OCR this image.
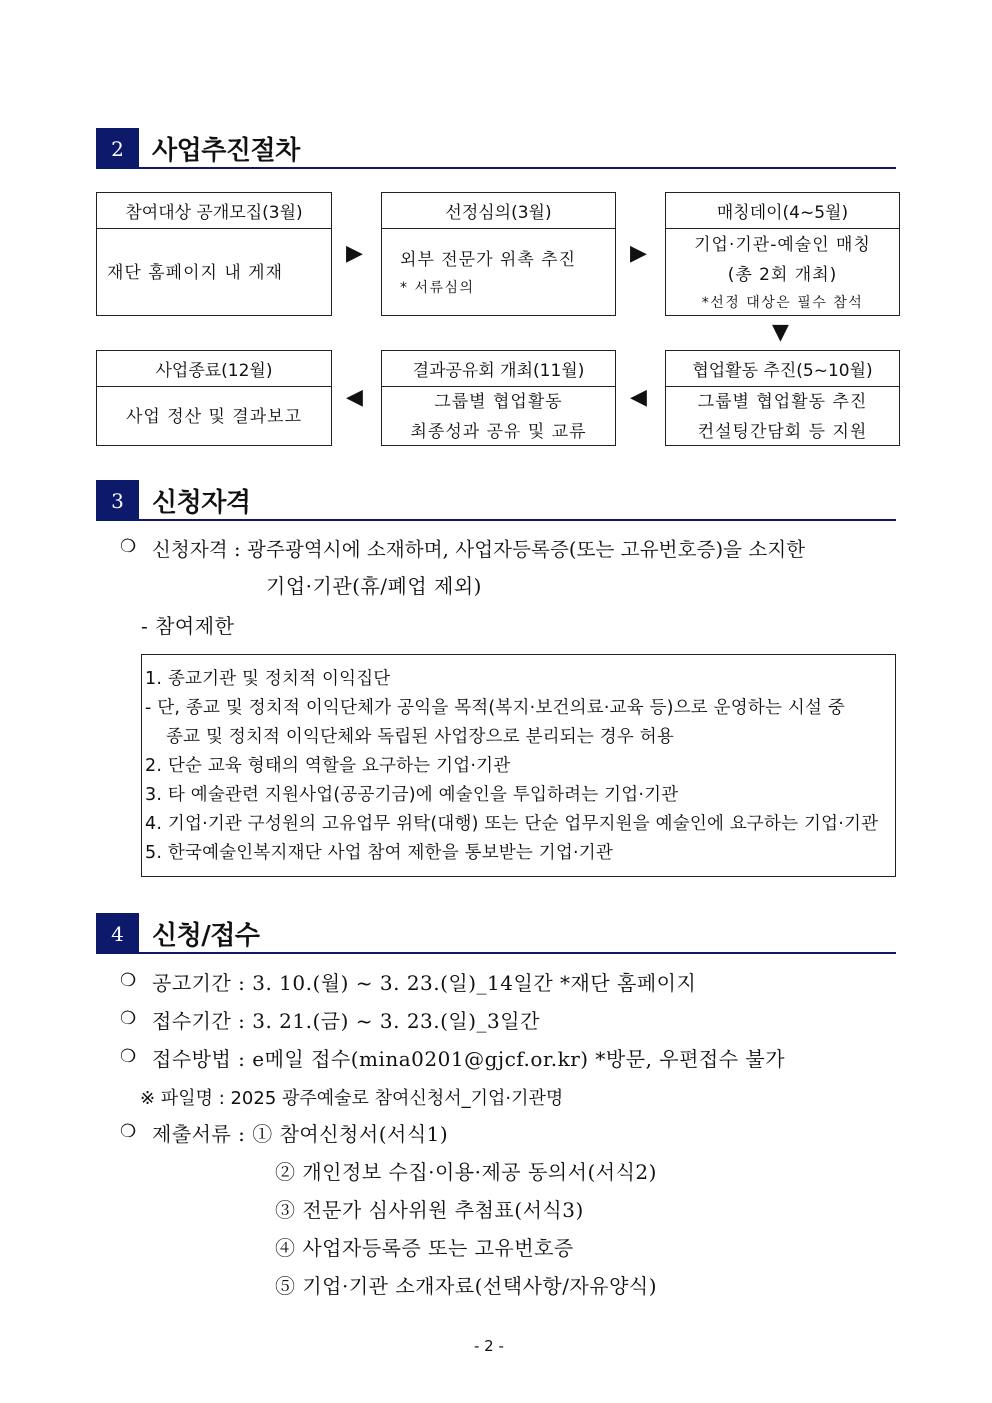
2	사업추진절차
참여대상 공개모집(3월)
재단 홈페이지 내 게재
▶
선정심의(3월)
외부 전문가 위촉 추진
* 서류심의
▶
매칭데이(4~5월)
기업·기관-예술인 매칭
(총 2회 개최)
*선정 대상은 필수 참석
▼
사업종료(12월)
사업 정산 및 결과보고
◀
결과공유회 개최(11월)
그룹별 협업활동
최종성과 공유 및 교류
◀
협업활동 추진(5~10월)
그룹별 협업활동 추진
컨설팅간담회 등 지원
3	신청자격
❍ 신청자격 : 광주광역시에 소재하며, 사업자등록증(또는 고유번호증)을 소지한
기업·기관(휴/폐업 제외)
- 참여제한
1. 종교기관 및 정치적 이익집단
- 단, 종교 및 정치적 이익단체가 공익을 목적(복지·보건의료·교육 등)으로 운영하는 시설 중
종교 및 정치적 이익단체와 독립된 사업장으로 분리되는 경우 허용
2. 단순 교육 형태의 역할을 요구하는 기업·기관
3. 타 예술관련 지원사업(공공기금)에 예술인을 투입하려는 기업·기관
4. 기업·기관 구성원의 고유업무 위탁(대행) 또는 단순 업무지원을 예술인에 요구하는 기업·기관
5. 한국예술인복지재단 사업 참여 제한을 통보받는 기업·기관
4	신청/접수
❍ 공고기간 : 3. 10.(월) ~ 3. 23.(일)_14일간 *재단 홈페이지
❍ 접수기간 : 3. 21.(금) ~ 3. 23.(일)_3일간
❍ 접수방법 : e메일 접수(mina0201@gjcf.or.kr) *방문, 우편접수 불가
※ 파일명 : 2025 광주예술로 참여신청서_기업·기관명
❍ 제출서류 : ① 참여신청서(서식1)
② 개인정보 수집·이용·제공 동의서(서식2)
③ 전문가 심사위원 추첨표(서식3)
④ 사업자등록증 또는 고유번호증
⑤ 기업·기관 소개자료(선택사항/자유양식)
- 2 -
